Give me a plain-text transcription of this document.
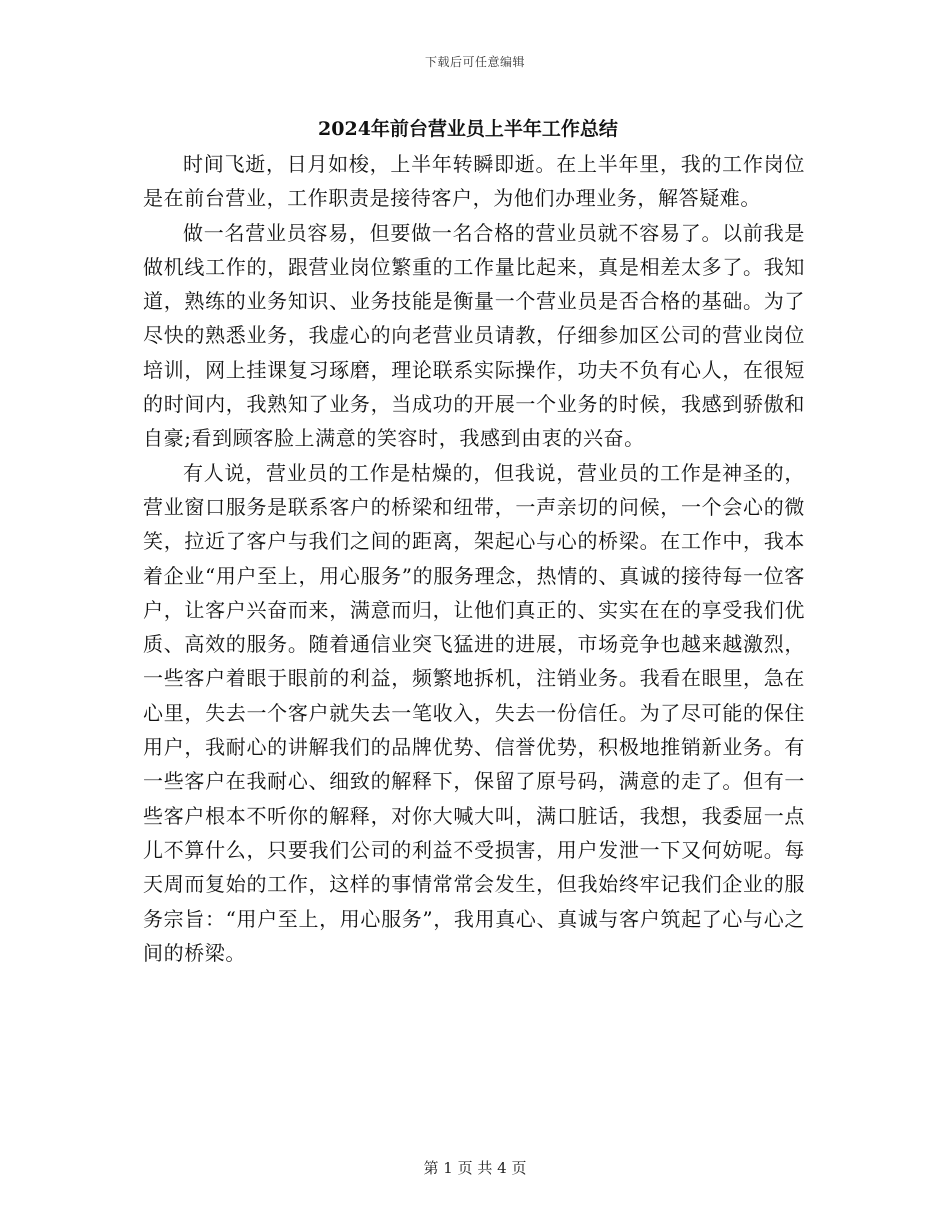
下载后可任意编辑
2024年前台营业员上半年工作总结

时间飞逝，日月如梭，上半年转瞬即逝。在上半年里，我的工作岗位是在前台营业，工作职责是接待客户，为他们办理业务，解答疑难。

做一名营业员容易，但要做一名合格的营业员就不容易了。以前我是做机线工作的，跟营业岗位繁重的工作量比起来，真是相差太多了。我知道，熟练的业务知识、业务技能是衡量一个营业员是否合格的基础。为了尽快的熟悉业务，我虚心的向老营业员请教，仔细参加区公司的营业岗位培训，网上挂课复习琢磨，理论联系实际操作，功夫不负有心人，在很短的时间内，我熟知了业务，当成功的开展一个业务的时候，我感到骄傲和自豪;看到顾客脸上满意的笑容时，我感到由衷的兴奋。

有人说，营业员的工作是枯燥的，但我说，营业员的工作是神圣的，营业窗口服务是联系客户的桥梁和纽带，一声亲切的问候，一个会心的微笑，拉近了客户与我们之间的距离，架起心与心的桥梁。在工作中，我本着企业“用户至上，用心服务”的服务理念，热情的、真诚的接待每一位客户，让客户兴奋而来，满意而归，让他们真正的、实实在在的享受我们优质、高效的服务。随着通信业突飞猛进的进展，市场竞争也越来越激烈，一些客户着眼于眼前的利益，频繁地拆机，注销业务。我看在眼里，急在心里，失去一个客户就失去一笔收入，失去一份信任。为了尽可能的保住用户，我耐心的讲解我们的品牌优势、信誉优势，积极地推销新业务。有一些客户在我耐心、细致的解释下，保留了原号码，满意的走了。但有一些客户根本不听你的解释，对你大喊大叫，满口脏话，我想，我委屈一点儿不算什么，只要我们公司的利益不受损害，用户发泄一下又何妨呢。每天周而复始的工作，这样的事情常常会发生，但我始终牢记我们企业的服务宗旨：“用户至上，用心服务”，我用真心、真诚与客户筑起了心与心之间的桥梁。

第 1 页 共 4 页
